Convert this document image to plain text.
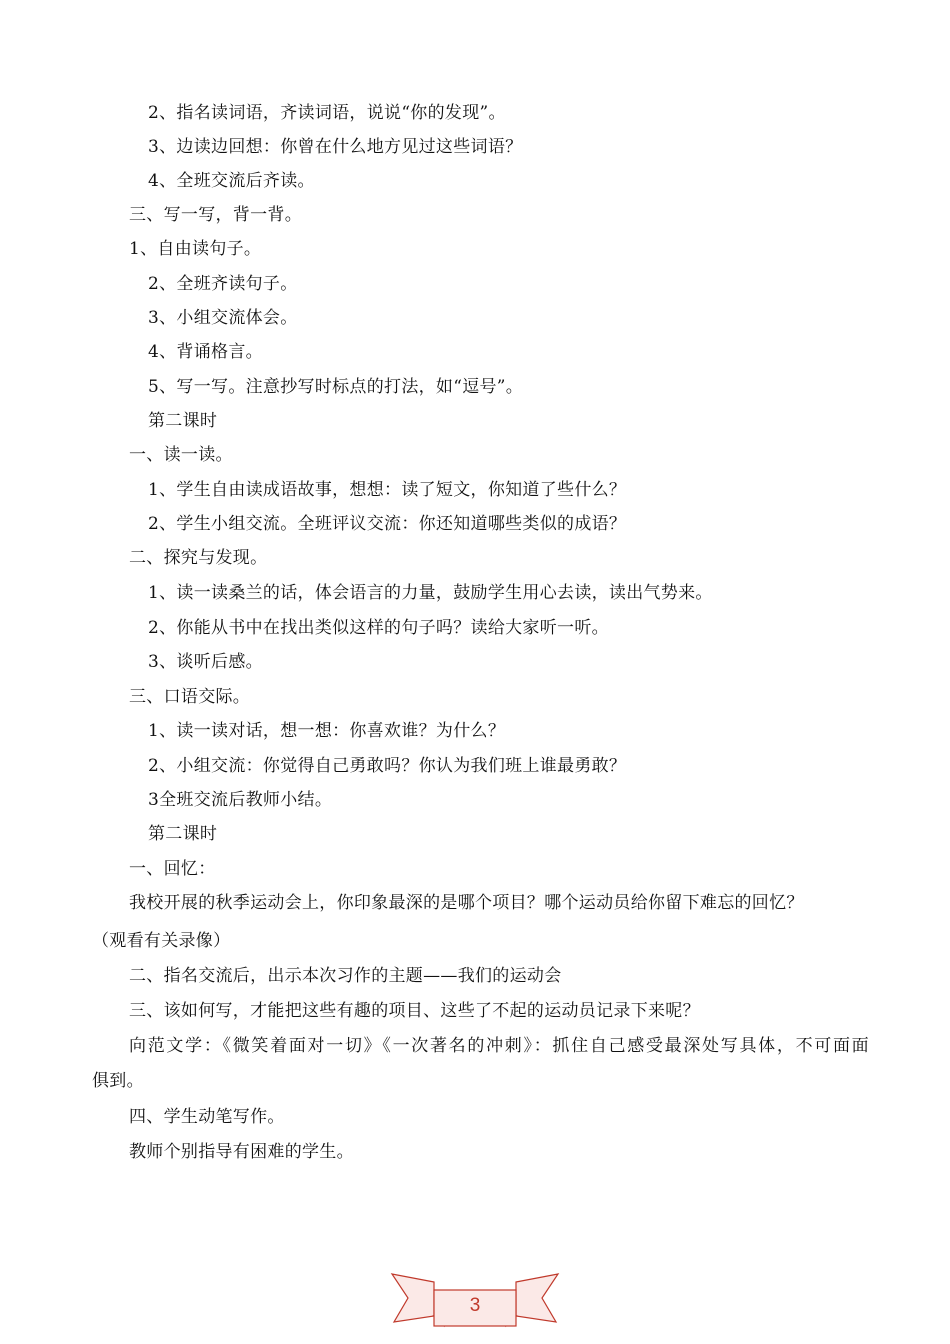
2、指名读词语，齐读词语，说说“你的发现”。

3、边读边回想：你曾在什么地方见过这些词语？

4、全班交流后齐读。

三、写一写，背一背。

1、自由读句子。

2、全班齐读句子。

3、小组交流体会。

4、背诵格言。

5、写一写。注意抄写时标点的打法，如“逗号”。

第二课时

一、读一读。

1、学生自由读成语故事，想想：读了短文，你知道了些什么？

2、学生小组交流。全班评议交流：你还知道哪些类似的成语？

二、探究与发现。

1、读一读桑兰的话，体会语言的力量，鼓励学生用心去读，读出气势来。

2、你能从书中在找出类似这样的句子吗？读给大家听一听。

3、谈听后感。

三、口语交际。

1、读一读对话，想一想：你喜欢谁？为什么？

2、小组交流：你觉得自己勇敢吗？你认为我们班上谁最勇敢？

3全班交流后教师小结。

第二课时

一、回忆：

我校开展的秋季运动会上，你印象最深的是哪个项目？哪个运动员给你留下难忘的回忆？

（观看有关录像）

二、指名交流后，出示本次习作的主题——我们的运动会

三、该如何写，才能把这些有趣的项目、这些了不起的运动员记录下来呢？

向范文学：《微笑着面对一切》《一次著名的冲刺》：抓住自己感受最深处写具体，不可面面

俱到。

四、学生动笔写作。

教师个别指导有困难的学生。

3
